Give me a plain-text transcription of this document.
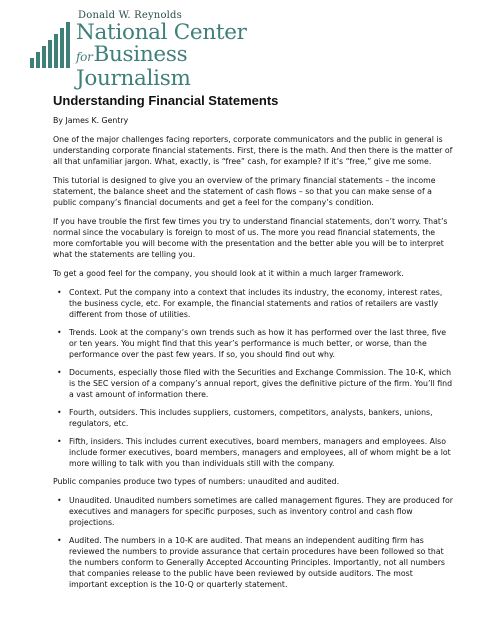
Donald W. Reynolds
National Center
forBusiness Journalism
Understanding Financial Statements

By James K. Gentry

One of the major challenges facing reporters, corporate communicators and the public in general is understanding corporate financial statements. First, there is the math. And then there is the matter of all that unfamiliar jargon. What, exactly, is “free” cash, for example? If it’s “free,” give me some.

This tutorial is designed to give you an overview of the primary financial statements – the income statement, the balance sheet and the statement of cash flows – so that you can make sense of a public company’s financial documents and get a feel for the company’s condition.

If you have trouble the first few times you try to understand financial statements, don’t worry. That’s normal since the vocabulary is foreign to most of us. The more you read financial statements, the more comfortable you will become with the presentation and the better able you will be to interpret what the statements are telling you.

To get a good feel for the company, you should look at it within a much larger framework.

• Context. Put the company into a context that includes its industry, the economy, interest rates, the business cycle, etc. For example, the financial statements and ratios of retailers are vastly different from those of utilities.
• Trends. Look at the company’s own trends such as how it has performed over the last three, five or ten years. You might find that this year’s performance is much better, or worse, than the performance over the past few years. If so, you should find out why.
• Documents, especially those filed with the Securities and Exchange Commission. The 10-K, which is the SEC version of a company’s annual report, gives the definitive picture of the firm. You’ll find a vast amount of information there.
• Fourth, outsiders. This includes suppliers, customers, competitors, analysts, bankers, unions, regulators, etc.
• Fifth, insiders. This includes current executives, board members, managers and employees. Also include former executives, board members, managers and employees, all of whom might be a lot more willing to talk with you than individuals still with the company.

Public companies produce two types of numbers: unaudited and audited.

• Unaudited. Unaudited numbers sometimes are called management figures. They are produced for executives and managers for specific purposes, such as inventory control and cash flow projections.
• Audited. The numbers in a 10-K are audited. That means an independent auditing firm has reviewed the numbers to provide assurance that certain procedures have been followed so that the numbers conform to Generally Accepted Accounting Principles. Importantly, not all numbers that companies release to the public have been reviewed by outside auditors. The most important exception is the 10-Q or quarterly statement.
